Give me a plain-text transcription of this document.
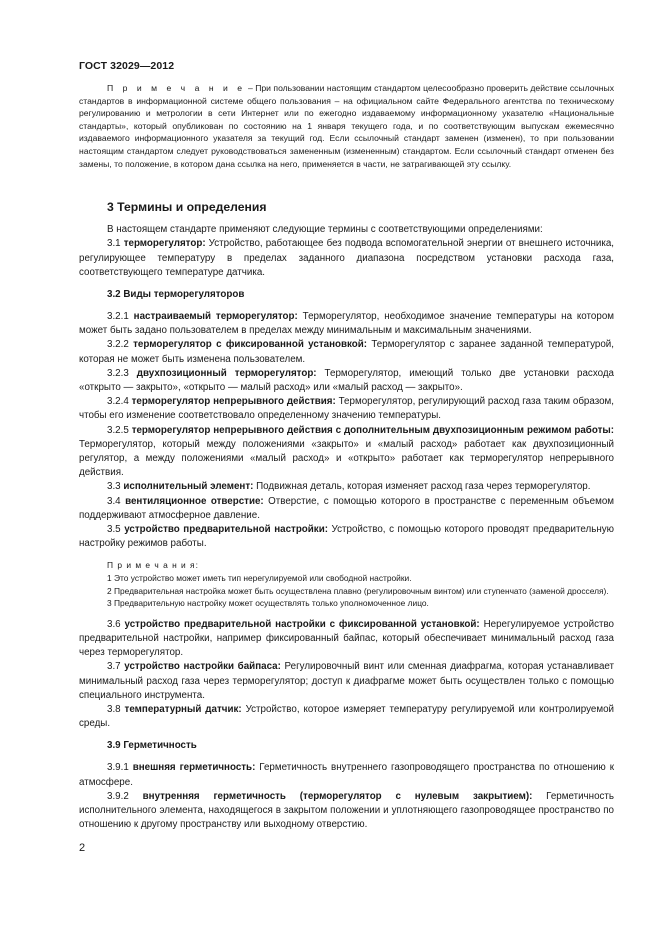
ГОСТ 32029—2012

П р и м е ч а н и е – При пользовании настоящим стандартом целесообразно проверить действие ссылочных стандартов в информационной системе общего пользования – на официальном сайте Федерального агентства по техническому регулированию и метрологии в сети Интернет или по ежегодно издаваемому информационному указателю «Национальные стандарты», который опубликован по состоянию на 1 января текущего года, и по соответствующим выпускам ежемесячно издаваемого информационного указателя за текущий год. Если ссылочный стандарт заменен (изменен), то при пользовании настоящим стандартом следует руководствоваться замененным (измененным) стандартом. Если ссылочный стандарт отменен без замены, то положение, в котором дана ссылка на него, применяется в части, не затрагивающей эту ссылку.

3 Термины и определения

В настоящем стандарте применяют следующие термины с соответствующими определениями:

3.1 терморегулятор: Устройство, работающее без подвода вспомогательной энергии от внешнего источника, регулирующее температуру в пределах заданного диапазона посредством установки расхода газа, соответствующего температуре датчика.

3.2 Виды терморегуляторов

3.2.1 настраиваемый терморегулятор: Терморегулятор, необходимое значение температуры на котором может быть задано пользователем в пределах между минимальным и максимальным значениями.

3.2.2 терморегулятор с фиксированной установкой: Терморегулятор с заранее заданной температурой, которая не может быть изменена пользователем.

3.2.3 двухпозиционный терморегулятор: Терморегулятор, имеющий только две установки расхода «открыто — закрыто», «открыто — малый расход» или «малый расход — закрыто».

3.2.4 терморегулятор непрерывного действия: Терморегулятор, регулирующий расход газа таким образом, чтобы его изменение соответствовало определенному значению температуры.

3.2.5 терморегулятор непрерывного действия с дополнительным двухпозиционным режимом работы: Терморегулятор, который между положениями «закрыто» и «малый расход» работает как двухпозиционный регулятор, а между положениями «малый расход» и «открыто» работает как терморегулятор непрерывного действия.

3.3 исполнительный элемент: Подвижная деталь, которая изменяет расход газа через терморегулятор.

3.4 вентиляционное отверстие: Отверстие, с помощью которого в пространстве с переменным объемом поддерживают атмосферное давление.

3.5 устройство предварительной настройки: Устройство, с помощью которого проводят предварительную настройку режимов работы.

П р и м е ч а н и я:

1 Это устройство может иметь тип нерегулируемой или свободной настройки.

2 Предварительная настройка может быть осуществлена плавно (регулировочным винтом) или ступенчато (заменой дросселя).

3 Предварительную настройку может осуществлять только уполномоченное лицо.

3.6 устройство предварительной настройки с фиксированной установкой: Нерегулируемое устройство предварительной настройки, например фиксированный байпас, который обеспечивает минимальный расход газа через терморегулятор.

3.7 устройство настройки байпаса: Регулировочный винт или сменная диафрагма, которая устанавливает минимальный расход газа через терморегулятор; доступ к диафрагме может быть осуществлен только с помощью специального инструмента.

3.8 температурный датчик: Устройство, которое измеряет температуру регулируемой или контролируемой среды.

3.9 Герметичность

3.9.1 внешняя герметичность: Герметичность внутреннего газопроводящего пространства по отношению к атмосфере.

3.9.2 внутренняя герметичность (терморегулятор с нулевым закрытием): Герметичность исполнительного элемента, находящегося в закрытом положении и уплотняющего газопроводящее пространство по отношению к другому пространству или выходному отверстию.

2
